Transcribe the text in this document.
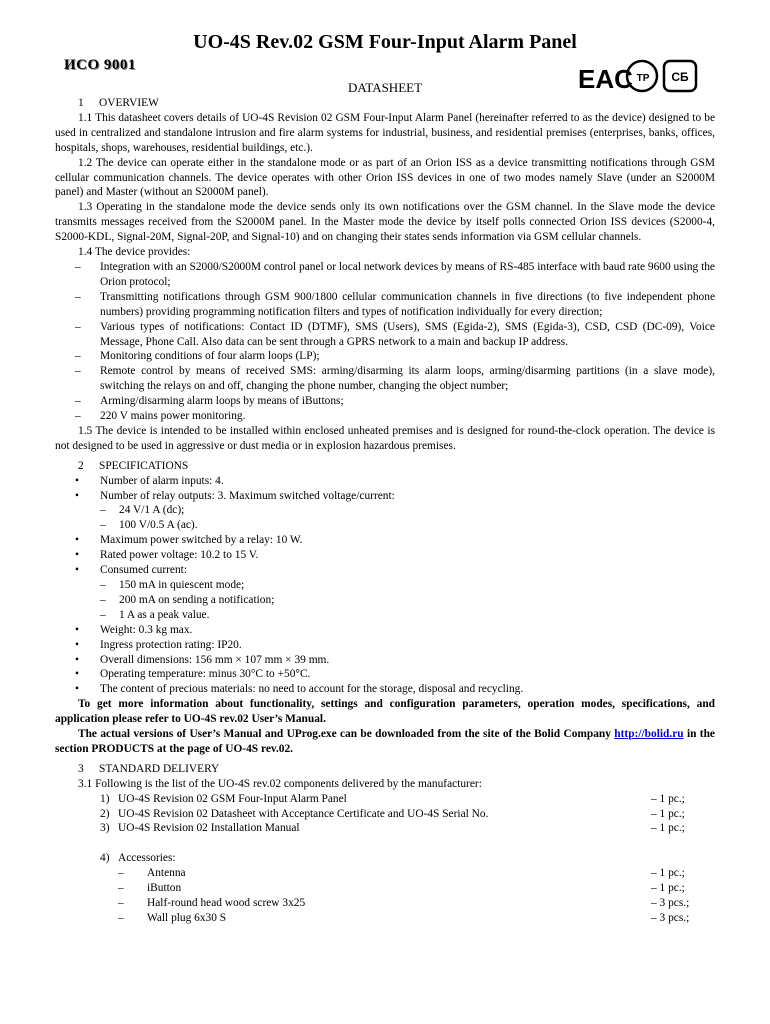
UO-4S Rev.02 GSM Four-Input Alarm Panel
ИСО 9001	EAC ТР СБ
DATASHEET
1 OVERVIEW

1.1 This datasheet covers details of UO-4S Revision 02 GSM Four-Input Alarm Panel (hereinafter referred to as the device) designed to be used in centralized and standalone intrusion and fire alarm systems for industrial, business, and residential premises (enterprises, banks, offices, hospitals, shops, warehouses, residential buildings, etc.).

1.2 The device can operate either in the standalone mode or as part of an Orion ISS as a device transmitting notifications through GSM cellular communication channels. The device operates with other Orion ISS devices in one of two modes namely Slave (under an S2000M panel) and Master (without an S2000M panel).

1.3 Operating in the standalone mode the device sends only its own notifications over the GSM channel. In the Slave mode the device transmits messages received from the S2000M panel. In the Master mode the device by itself polls connected Orion ISS devices (S2000-4, S2000-KDL, Signal-20M, Signal-20P, and Signal-10) and on changing their states sends information via GSM cellular channels.

1.4 The device provides:

– Integration with an S2000/S2000M control panel or local network devices by means of RS-485 interface with baud rate 9600 using the Orion protocol;

– Transmitting notifications through GSM 900/1800 cellular communication channels in five directions (to five independent phone numbers) providing programming notification filters and types of notification individually for every direction;

– Various types of notifications: Contact ID (DTMF), SMS (Users), SMS (Egida-2), SMS (Egida-3), CSD, CSD (DC-09), Voice Message, Phone Call. Also data can be sent through a GPRS network to a main and backup IP address.

– Monitoring conditions of four alarm loops (LP);

– Remote control by means of received SMS: arming/disarming its alarm loops, arming/disarming partitions (in a slave mode), switching the relays on and off, changing the phone number, changing the object number;

– Arming/disarming alarm loops by means of iButtons;

– 220 V mains power monitoring.

1.5 The device is intended to be installed within enclosed unheated premises and is designed for round-the-clock operation. The device is not designed to be used in aggressive or dust media or in explosion hazardous premises.

2 SPECIFICATIONS

• Number of alarm inputs: 4.

• Number of relay outputs: 3. Maximum switched voltage/current:

– 24 V/1 A (dc);

– 100 V/0.5 A (ac).

• Maximum power switched by a relay: 10 W.

• Rated power voltage: 10.2 to 15 V.

• Consumed current:

– 150 mA in quiescent mode;

– 200 mA on sending a notification;

– 1 A as a peak value.

• Weight: 0.3 kg max.

• Ingress protection rating: IP20.

• Overall dimensions: 156 mm × 107 mm × 39 mm.

• Operating temperature: minus 30°C to +50°C.

• The content of precious materials: no need to account for the storage, disposal and recycling.

To get more information about functionality, settings and configuration parameters, operation modes, specifications, and application please refer to UO-4S rev.02 User’s Manual.

The actual versions of User’s Manual and UProg.exe can be downloaded from the site of the Bolid Company http://bolid.ru in the section PRODUCTS at the page of UO-4S rev.02.

3 STANDARD DELIVERY

3.1 Following is the list of the UO-4S rev.02 components delivered by the manufacturer:

1) UO-4S Revision 02 GSM Four-Input Alarm Panel	– 1 pc.;
2) UO-4S Revision 02 Datasheet with Acceptance Certificate and UO-4S Serial No.	– 1 pc.;
3) UO-4S Revision 02 Installation Manual	– 1 pc.;
4) Accessories:
– Antenna	– 1 pc.;
– iButton	– 1 pc.;
– Half-round head wood screw 3x25	– 3 pcs.;
– Wall plug 6x30 S	– 3 pcs.;
